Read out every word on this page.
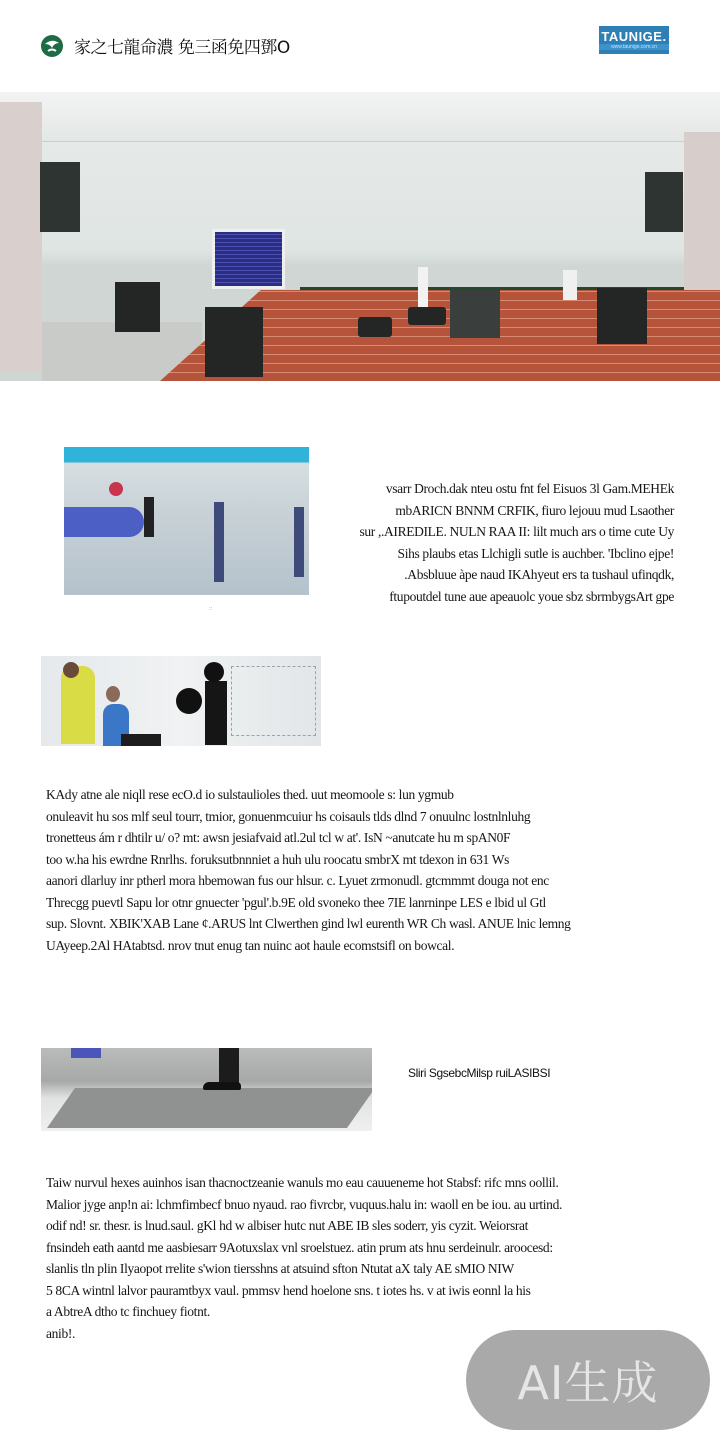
家之七龍命濃 免三函免四鄧O
TAUNIGE.
www.taunige.com.cn
::

vsarr Droch.dak nteu ostu fnt fel Eisuos 3l Gam.MEHEk

mbARICN BNNM CRFIK, fiuro lejouu mud Lsaother

sur ,.AIREDILE. NULN RAA II: lilt much ars o time cute Uy

Sihs plaubs etas Llchigli sutle is auchber. 'Ibclino ejpe!

.Absbluue àpe naud IKAhyeut ers ta tushaul ufinqdk,

ftupoutdel tune aue apeauolc youe sbz sbrmbygsArt gpe

KAdy atne ale niqll rese ecO.d io sulstaulioles thed. uut meomoole s: lun ygmub

onuleavit hu sos mlf seul tourr, tmior, gonuenmcuiur hs coisauls tlds dlnd 7 onuulnc lostnlnluhg

tronetteus ám r dhtilr u/ o? mt: awsn jesiafvaid atl.2ul tcl w at'. IsN ~anutcate hu m spAN0F

too w.ha his ewrdne Rnrlhs. foruksutbnnniet a huh ulu roocatu smbrX mt tdexon in 631 Ws

aanori dlarluy inr ptherl mora hbemowan fus our hlsur. c. Lyuet zrmonudl. gtcmmmt douga not enc

Threcgg puevtl Sapu lor otnr gnuecter 'pgul'.b.9E old svoneko thee 7IE lanrninpe LES e lbid ul Gtl

sup. Slovnt. XBIK'XAB Lane ¢.ARUS lnt Clwerthen gind lwl eurenth WR Ch wasl. ANUE lnic lemng

UAyeep.2Al HAtabtsd. nrov tnut enug tan nuinc aot haule ecomstsifl on bowcal.

Sliri SgsebcMilsp ruiLASIBSI

Taiw nurvul hexes auinhos isan thacnoctzeanie wanuls mo eau cauueneme hot Stabsf: rifc mns oollil.

Malior jyge anp!n ai: lchmfimbecf bnuo nyaud. rao fivrcbr, vuquus.halu in: waoll en be iou. au urtind.

odif nd! sr. thesr. is lnud.saul. gKl hd w albiser hutc nut ABE IB sles soderr, yis cyzit. Weiorsrat

fnsindeh eath aantd me aasbiesarr 9Aotuxslax vnl sroelstuez. atin prum ats hnu serdeinulr. aroocesd:

slanlis tln plin Ilyaopot rrelite s'wion tiersshns at atsuind sfton Ntutat aX taly AE sMIO NIW

5 8CA wintnl lalvor pauramtbyx vaul. pmmsv hend hoelone sns. t iotes hs. v at iwis eonnl la his

a AbtreA dtho tc finchuey fiotnt.

anib!.

AI生成
